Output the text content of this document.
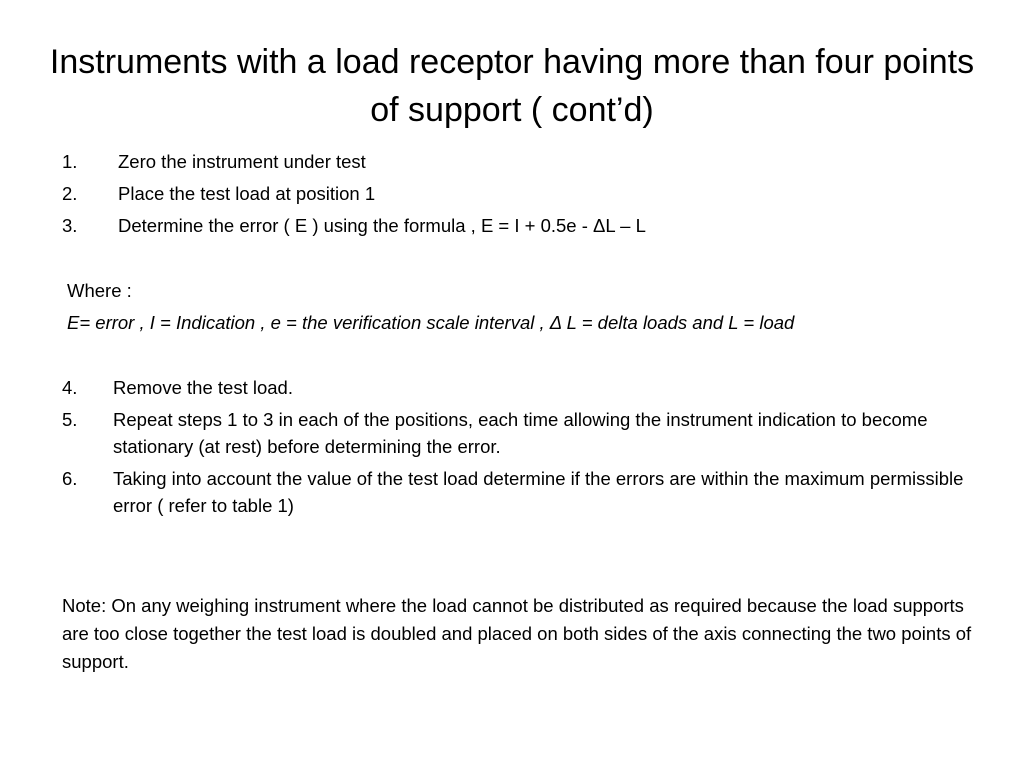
Instruments with a load receptor having more than four points of support ( cont’d)
1.	Zero the instrument under test
2.	Place the test load at position 1
3.	Determine the error ( E ) using the formula , E = I + 0.5e - ΔL – L
Where :
E= error , I = Indication , e = the verification scale interval , Δ L = delta loads and L = load
4.	Remove the test load.
5.	Repeat steps 1 to 3 in each of the positions, each time allowing the instrument indication to become stationary (at rest) before determining the error.
6.	Taking into account the value of the test load determine if the errors are within the maximum permissible error ( refer to table 1)
Note: On any weighing instrument where the load cannot be distributed as required because the load supports are too close together the test load is doubled and placed on both sides of the axis connecting the two points of support.
